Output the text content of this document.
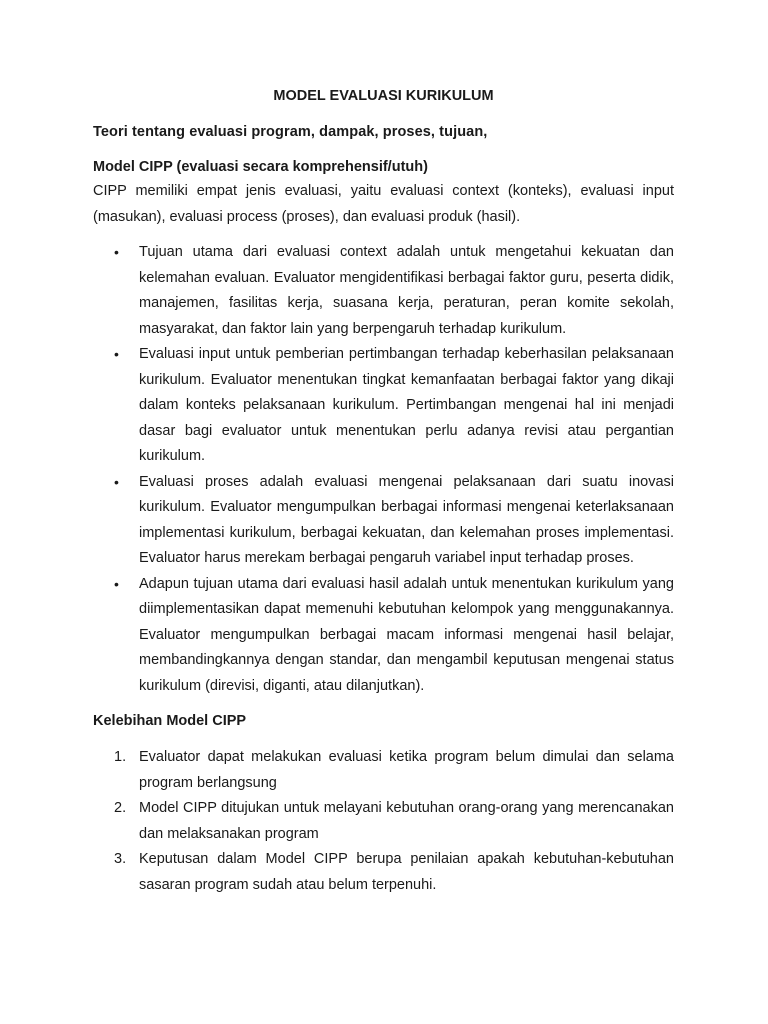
MODEL EVALUASI KURIKULUM
Teori tentang evaluasi program, dampak, proses, tujuan,
Model CIPP (evaluasi secara komprehensif/utuh)
CIPP memiliki empat jenis evaluasi, yaitu evaluasi context (konteks), evaluasi input (masukan), evaluasi process (proses), dan evaluasi produk (hasil).
• Tujuan utama dari evaluasi context adalah untuk mengetahui kekuatan dan kelemahan evaluan. Evaluator mengidentifikasi berbagai faktor guru, peserta didik, manajemen, fasilitas kerja, suasana kerja, peraturan, peran komite sekolah, masyarakat, dan faktor lain yang berpengaruh terhadap kurikulum.
• Evaluasi input untuk pemberian pertimbangan terhadap keberhasilan pelaksanaan kurikulum. Evaluator menentukan tingkat kemanfaatan berbagai faktor yang dikaji dalam konteks pelaksanaan kurikulum. Pertimbangan mengenai hal ini menjadi dasar bagi evaluator untuk menentukan perlu adanya revisi atau pergantian kurikulum.
• Evaluasi proses adalah evaluasi mengenai pelaksanaan dari suatu inovasi kurikulum. Evaluator mengumpulkan berbagai informasi mengenai keterlaksanaan implementasi kurikulum, berbagai kekuatan, dan kelemahan proses implementasi. Evaluator harus merekam berbagai pengaruh variabel input terhadap proses.
• Adapun tujuan utama dari evaluasi hasil adalah untuk menentukan kurikulum yang diimplementasikan dapat memenuhi kebutuhan kelompok yang menggunakannya. Evaluator mengumpulkan berbagai macam informasi mengenai hasil belajar, membandingkannya dengan standar, dan mengambil keputusan mengenai status kurikulum (direvisi, diganti, atau dilanjutkan).
Kelebihan Model CIPP
1. Evaluator dapat melakukan evaluasi ketika program belum dimulai dan selama program berlangsung
2. Model CIPP ditujukan untuk melayani kebutuhan orang-orang yang merencanakan dan melaksanakan program
3. Keputusan dalam Model CIPP berupa penilaian apakah kebutuhan-kebutuhan sasaran program sudah atau belum terpenuhi.
